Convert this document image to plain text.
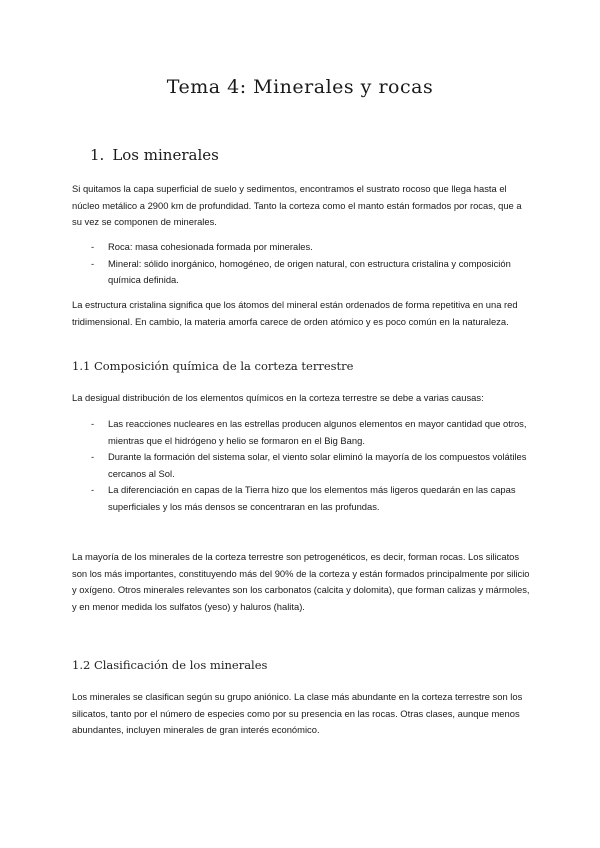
Tema 4: Minerales y rocas
1. Los minerales

Si quitamos la capa superficial de suelo y sedimentos, encontramos el sustrato rocoso que llega hasta el núcleo metálico a 2900 km de profundidad. Tanto la corteza como el manto están formados por rocas, que a su vez se componen de minerales.

- Roca: masa cohesionada formada por minerales.
- Mineral: sólido inorgánico, homogéneo, de origen natural, con estructura cristalina y composición química definida.

La estructura cristalina significa que los átomos del mineral están ordenados de forma repetitiva en una red tridimensional. En cambio, la materia amorfa carece de orden atómico y es poco común en la naturaleza.

1.1 Composición química de la corteza terrestre

La desigual distribución de los elementos químicos en la corteza terrestre se debe a varias causas:

- Las reacciones nucleares en las estrellas producen algunos elementos en mayor cantidad que otros, mientras que el hidrógeno y helio se formaron en el Big Bang.
- Durante la formación del sistema solar, el viento solar eliminó la mayoría de los compuestos volátiles cercanos al Sol.
- La diferenciación en capas de la Tierra hizo que los elementos más ligeros quedarán en las capas superficiales y los más densos se concentraran en las profundas.

La mayoría de los minerales de la corteza terrestre son petrogenéticos, es decir, forman rocas. Los silicatos son los más importantes, constituyendo más del 90% de la corteza y están formados principalmente por silicio y oxígeno. Otros minerales relevantes son los carbonatos (calcita y dolomita), que forman calizas y mármoles, y en menor medida los sulfatos (yeso) y haluros (halita).

1.2 Clasificación de los minerales

Los minerales se clasifican según su grupo aniónico. La clase más abundante en la corteza terrestre son los silicatos, tanto por el número de especies como por su presencia en las rocas. Otras clases, aunque menos abundantes, incluyen minerales de gran interés económico.
